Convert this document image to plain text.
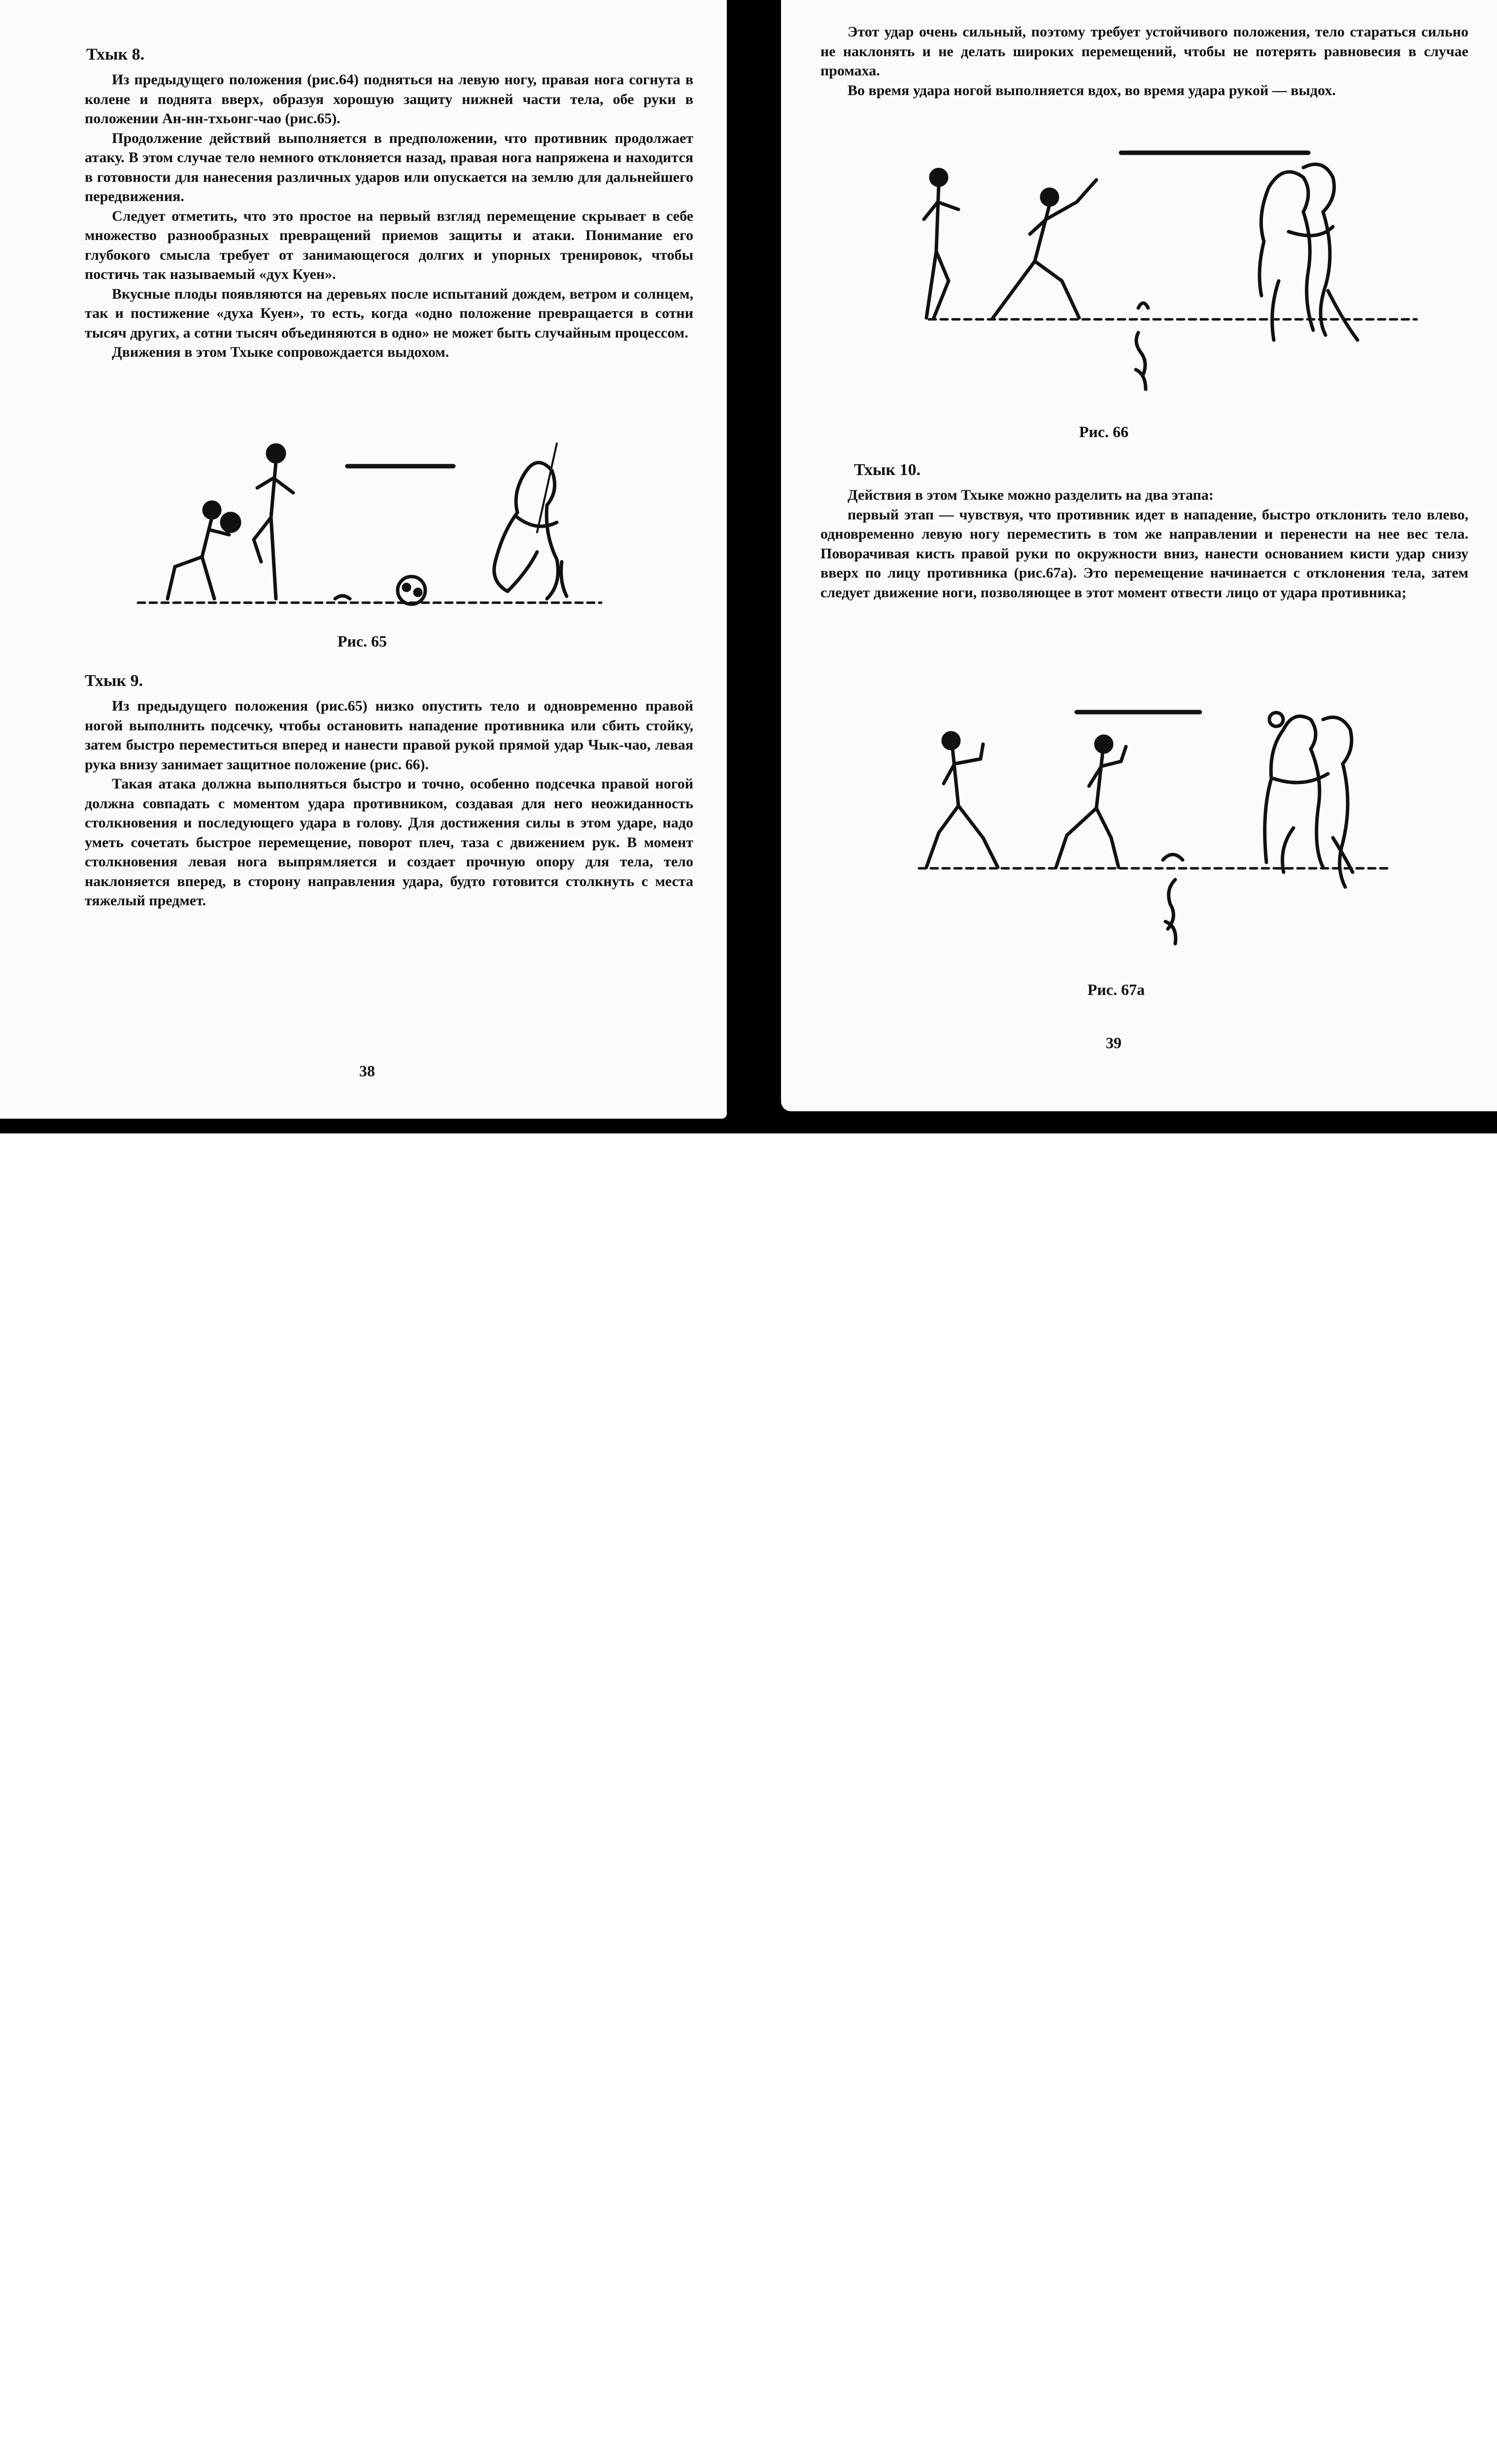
Тхык 8.

Из предыдущего положения (рис.64) подняться на левую ногу, правая нога согнута в колене и поднята вверх, образуя хорошую защиту нижней части тела, обе руки в положении Ан-нн-тхьонг-чао (рис.65).

Продолжение действий выполняется в предположении, что противник продолжает атаку. В этом случае тело немного отклоняется назад, правая нога напряжена и находится в готовности для нанесения различных ударов или опускается на землю для дальнейшего передвижения.

Следует отметить, что это простое на первый взгляд перемещение скрывает в себе множество разнообразных превращений приемов защиты и атаки. Понимание его глубокого смысла требует от занимающегося долгих и упорных тренировок, чтобы постичь так называемый «дух Куен».

Вкусные плоды появляются на деревьях после испытаний дождем, ветром и солнцем, так и постижение «духа Куен», то есть, когда «одно положение превращается в сотни тысяч других, а сотни тысяч объединяются в одно» не может быть случайным процессом.

Движения в этом Тхыке сопровождается выдохом.

Рис. 65
Тхык 9.

Из предыдущего положения (рис.65) низко опустить тело и одновременно правой ногой выполнить подсечку, чтобы остановить нападение противника или сбить стойку, затем быстро переместиться вперед и нанести правой рукой прямой удар Чык-чао, левая рука внизу занимает защитное положение (рис. 66).

Такая атака должна выполняться быстро и точно, особенно подсечка правой ногой должна совпадать с моментом удара противником, создавая для него неожиданность столкновения и последующего удара в голову. Для достижения силы в этом ударе, надо уметь сочетать быстрое перемещение, поворот плеч, таза с движением рук. В момент столкновения левая нога выпрямляется и создает прочную опору для тела, тело наклоняется вперед, в сторону направления удара, будто готовится столкнуть с места тяжелый предмет.

38

Этот удар очень сильный, поэтому требует устойчивого положения, тело стараться сильно не наклонять и не делать широких перемещений, чтобы не потерять равновесия в случае промаха.

Во время удара ногой выполняется вдох, во время удара рукой — выдох.

Рис. 66
Тхык 10.

Действия в этом Тхыке можно разделить на два этапа:

первый этап — чувствуя, что противник идет в нападение, быстро отклонить тело влево, одновременно левую ногу переместить в том же направлении и перенести на нее вес тела. Поворачивая кисть правой руки по окружности вниз, нанести основанием кисти удар снизу вверх по лицу противника (рис.67а). Это перемещение начинается с отклонения тела, затем следует движение ноги, позволяющее в этот момент отвести лицо от удара противника;

Рис. 67а
39
